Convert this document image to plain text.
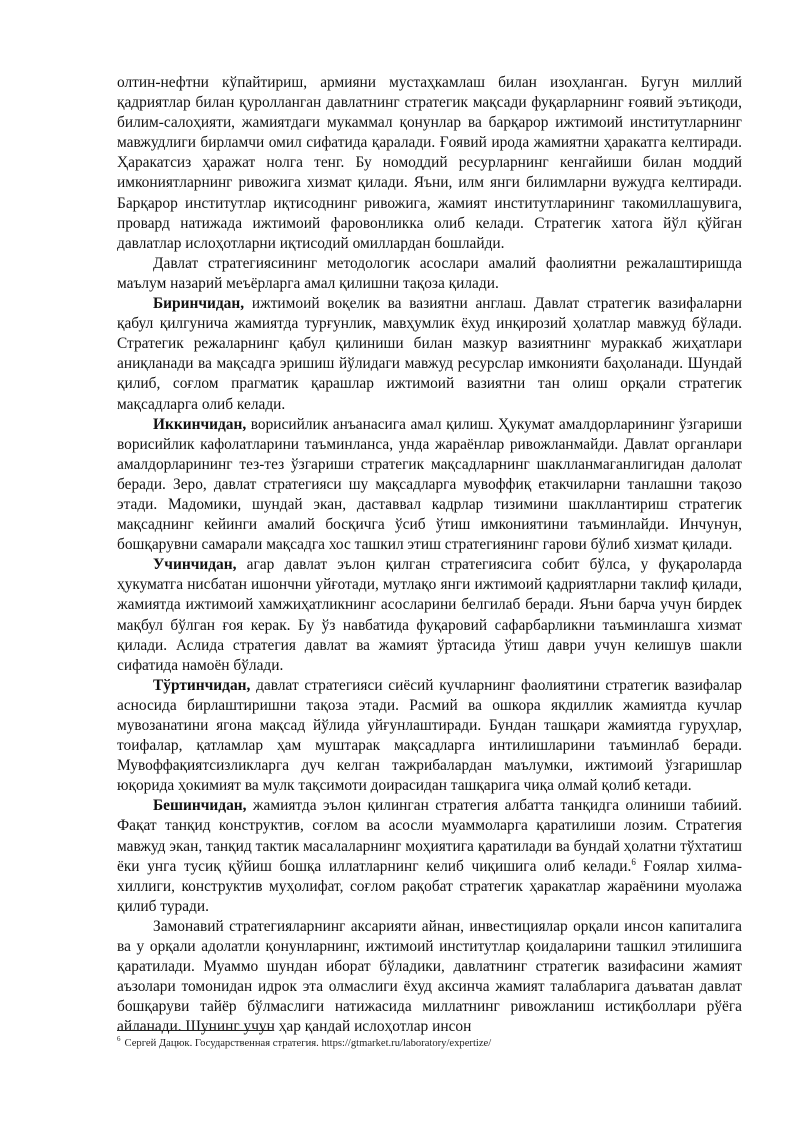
олтин-нефтни кўпайтириш, армияни мустаҳкамлаш билан изоҳланган. Бугун миллий қадриятлар билан қуролланган давлатнинг стратегик мақсади фуқарларнинг ғоявий эътиқоди, билим-салоҳияти, жамиятдаги мукаммал қонунлар ва барқарор ижтимоий институтларнинг мавжудлиги бирламчи омил сифатида қаралади. Ғоявий ирода жамиятни ҳаракатга келтиради. Ҳаракатсиз ҳаражат нолга тенг. Бу номоддий ресурларнинг кенгайиши билан моддий имкониятларнинг ривожига хизмат қилади. Яъни, илм янги билимларни вужудга келтиради. Барқарор институтлар иқтисоднинг ривожига, жамият институтларининг такомиллашувига, провард натижада ижтимоий фаровонликка олиб келади. Стратегик хатога йўл қўйган давлатлар ислоҳотларни иқтисодий омиллардан бошлайди.

Давлат стратегиясининг методологик асослари амалий фаолиятни режалаштиришда маълум назарий меъёрларга амал қилишни тақоза қилади.

Биринчидан, ижтимоий воқелик ва вазиятни англаш. Давлат стратегик вазифаларни қабул қилгунича жамиятда турғунлик, мавҳумлик ёхуд инқирозий ҳолатлар мавжуд бўлади. Стратегик режаларнинг қабул қилиниши билан мазкур вазиятнинг мураккаб жиҳатлари аниқланади ва мақсадга эришиш йўлидаги мавжуд ресурслар имконияти баҳоланади. Шундай қилиб, соғлом прагматик қарашлар ижтимоий вазиятни тан олиш орқали стратегик мақсадларга олиб келади.

Иккинчидан, ворисийлик анъанасига амал қилиш. Ҳукумат амалдорларининг ўзгариши ворисийлик кафолатларини таъминланса, унда жараёнлар ривожланмайди. Давлат органлари амалдорларининг тез-тез ўзгариши стратегик мақсадларнинг шаклланмаганлигидан далолат беради. Зеро, давлат стратегияси шу мақсадларга мувоффиқ етакчиларни танлашни тақозо этади. Мадомики, шундай экан, даставвал кадрлар тизимини шакллантириш стратегик мақсаднинг кейинги амалий босқичга ўсиб ўтиш имкониятини таъминлайди. Инчунун, бошқарувни самарали мақсадга хос ташкил этиш стратегиянинг гарови бўлиб хизмат қилади.

Учинчидан, агар давлат эълон қилган стратегиясига собит бўлса, у фуқароларда ҳукуматга нисбатан ишончни уйғотади, мутлақо янги ижтимоий қадриятларни таклиф қилади, жамиятда ижтимоий хамжиҳатликнинг асосларини белгилаб беради. Яъни барча учун бирдек мақбул бўлган ғоя керак. Бу ўз навбатида фуқаровий сафарбарликни таъминлашга хизмат қилади. Аслида стратегия давлат ва жамият ўртасида ўтиш даври учун келишув шакли сифатида намоён бўлади.

Тўртинчидан, давлат стратегияси сиёсий кучларнинг фаолиятини стратегик вазифалар асносида бирлаштиришни тақоза этади. Расмий ва ошкора якдиллик жамиятда кучлар мувозанатини ягона мақсад йўлида уйғунлаштиради. Бундан ташқари жамиятда гуруҳлар, тоифалар, қатламлар ҳам муштарак мақсадларга интилишларини таъминлаб беради. Мувоффақиятсизликларга дуч келган тажрибалардан маълумки, ижтимоий ўзгаришлар юқорида ҳокимият ва мулк тақсимоти доирасидан ташқарига чиқа олмай қолиб кетади.

Бешинчидан, жамиятда эълон қилинган стратегия албатта танқидга олиниши табиий. Фақат танқид конструктив, соғлом ва асосли муаммоларга қаратилиши лозим. Стратегия мавжуд экан, танқид тактик масалаларнинг моҳиятига қаратилади ва бундай ҳолатни тўхтатиш ёки унга тусиқ қўйиш бошқа иллатларнинг келиб чиқишига олиб келади.$^6$ Ғоялар хилма-хиллиги, конструктив муҳолифат, соғлом рақобат стратегик ҳаракатлар жараёнини муолажа қилиб туради.

Замонавий стратегияларнинг аксарияти айнан, инвестициялар орқали инсон капиталига ва у орқали адолатли қонунларнинг, ижтимоий институтлар қоидаларини ташкил этилишига қаратилади. Муаммо шундан иборат бўладики, давлатнинг стратегик вазифасини жамият аъзолари томонидан идрок эта олмаслиги ёхуд аксинча жамият талабларига даъватан давлат бошқаруви тайёр бўлмаслиги натижасида миллатнинг ривожланиш истиқболлари рўёга айланади. Шунинг учун ҳар қандай ислоҳотлар инсон

$^6$ Сергей Дацюк. Государственная стратегия. https://gtmarket.ru/laboratory/expertize/
